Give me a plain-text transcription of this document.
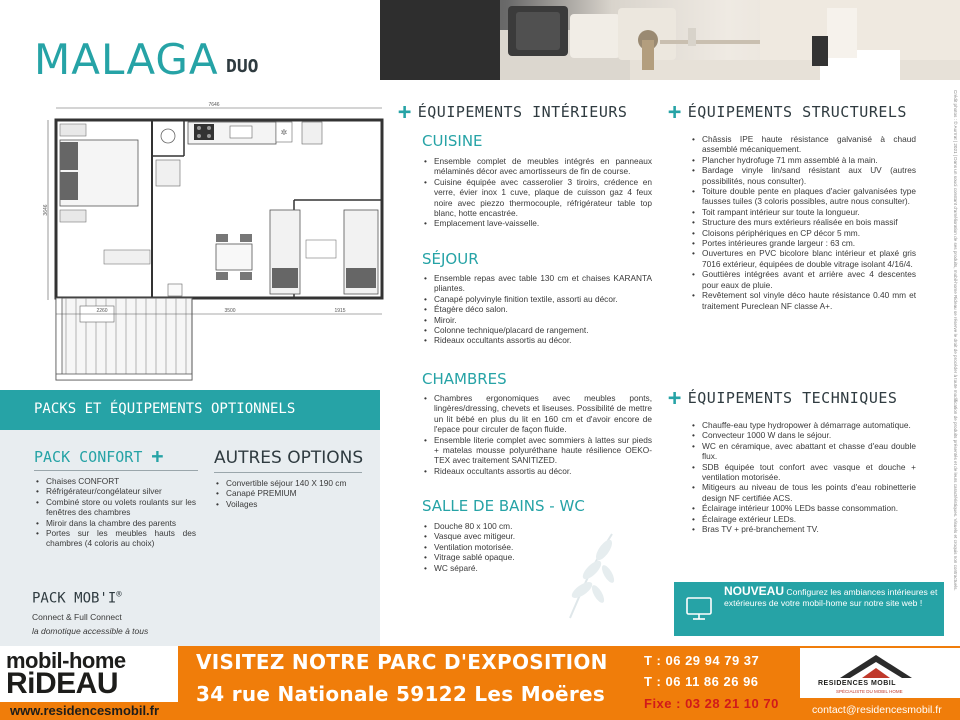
MALAGA DUO
7646
3646
✲
2260	3500	1915
+ ÉQUIPEMENTS INTÉRIEURS
CUISINE
• Ensemble complet de meubles intégrés en panneaux mélaminés décor avec amortisseurs de fin de course.
• Cuisine équipée avec casserolier 3 tiroirs, crédence en verre, évier inox 1 cuve, plaque de cuisson gaz 4 feux noire avec piezzo thermocouple, réfrigérateur table top blanc, hotte encastrée.
• Emplacement lave-vaisselle.
SÉJOUR
• Ensemble repas avec table 130 cm et chaises KARANTA pliantes.
• Canapé polyvinyle finition textile, assorti au décor.
• Étagère déco salon.
• Miroir.
• Colonne technique/placard de rangement.
• Rideaux occultants assortis au décor.
CHAMBRES
• Chambres ergonomiques avec meubles ponts, lingères/dressing, chevets et liseuses. Possibilité de mettre un lit bébé en plus du lit en 160 cm et d'avoir encore de l'epace pour circuler de façon fluide.
• Ensemble literie complet avec sommiers à lattes sur pieds + matelas mousse polyuréthane haute résilience OEKO-TEX avec traitement SANITIZED.
• Rideaux occultants assortis au décor.
SALLE DE BAINS - WC
• Douche 80 x 100 cm.
• Vasque avec mitigeur.
• Ventilation motorisée.
• Vitrage sablé opaque.
• WC séparé.
+ ÉQUIPEMENTS STRUCTURELS
• Châssis IPE haute résistance galvanisé à chaud assemblé mécaniquement.
• Plancher hydrofuge 71 mm assemblé à la main.
• Bardage vinyle lin/sand résistant aux UV (autres possibilités, nous consulter).
• Toiture double pente en plaques d'acier galvanisées type fausses tuiles (3 coloris possibles, autre nous consulter).
• Toit rampant intérieur sur toute la longueur.
• Structure des murs extérieurs réalisée en bois massif
• Cloisons périphériques en CP décor 5 mm.
• Portes intérieures grande largeur : 63 cm.
• Ouvertures en PVC bicolore blanc intérieur et plaxé gris 7016 extérieur, équipées de double vitrage isolant 4/16/4.
• Gouttières intégrées avant et arrière avec 4 descentes pour eaux de pluie.
• Revêtement sol vinyle déco haute résistance 0.40 mm et traitement Pureclean NF classe A+.
+ ÉQUIPEMENTS TECHNIQUES
• Chauffe-eau type hydropower à démarrage automatique.
• Convecteur 1000 W dans le séjour.
• WC en céramique, avec abattant et chasse d'eau double flux.
• SDB équipée tout confort avec vasque et douche + ventilation motorisée.
• Mitigeurs au niveau de tous les points d'eau robinetterie design NF certifiée ACS.
• Éclairage intérieur 100% LEDs basse consommation.
• Éclairage extérieur LEDs.
• Bras TV + pré-branchement TV.
NOUVEAU Configurez les ambiances intérieures et extérieures de votre mobil-home sur notre site web !
PACKS ET ÉQUIPEMENTS OPTIONNELS
PACK CONFORT +
• Chaises CONFORT
• Réfrigérateur/congélateur silver
• Combiné store ou volets roulants sur les fenêtres des chambres
• Miroir dans la chambre des parents
• Portes sur les meubles hauts des chambres (4 coloris au choix)
AUTRES OPTIONS
• Convertible séjour 140 X 190 cm
• Canapé PREMIUM
• Voilages
PACK MOB'I®
Connect & Full Connect
la domotique accessible à tous
mobil-home
RiDEAU
www.residencesmobil.fr
VISITEZ NOTRE PARC D'EXPOSITION
34 rue Nationale 59122 Les Moëres
T : 06 29 94 79 37
T : 06 11 86 26 96
Fixe : 03 28 21 10 70
RESIDENCES MOBIL
SPÉCIALISTE DU MOBIL HOME
contact@residencesmobil.fr
Crédit photos : © Aurrrat | 2021 | Dans un souci constant d'amélioration de ses produits, mobil-home Rideau se réserve le droit de procéder à toute modification de produits présentés et de leurs caractéristiques. Visuels et croquis non contractuels.
